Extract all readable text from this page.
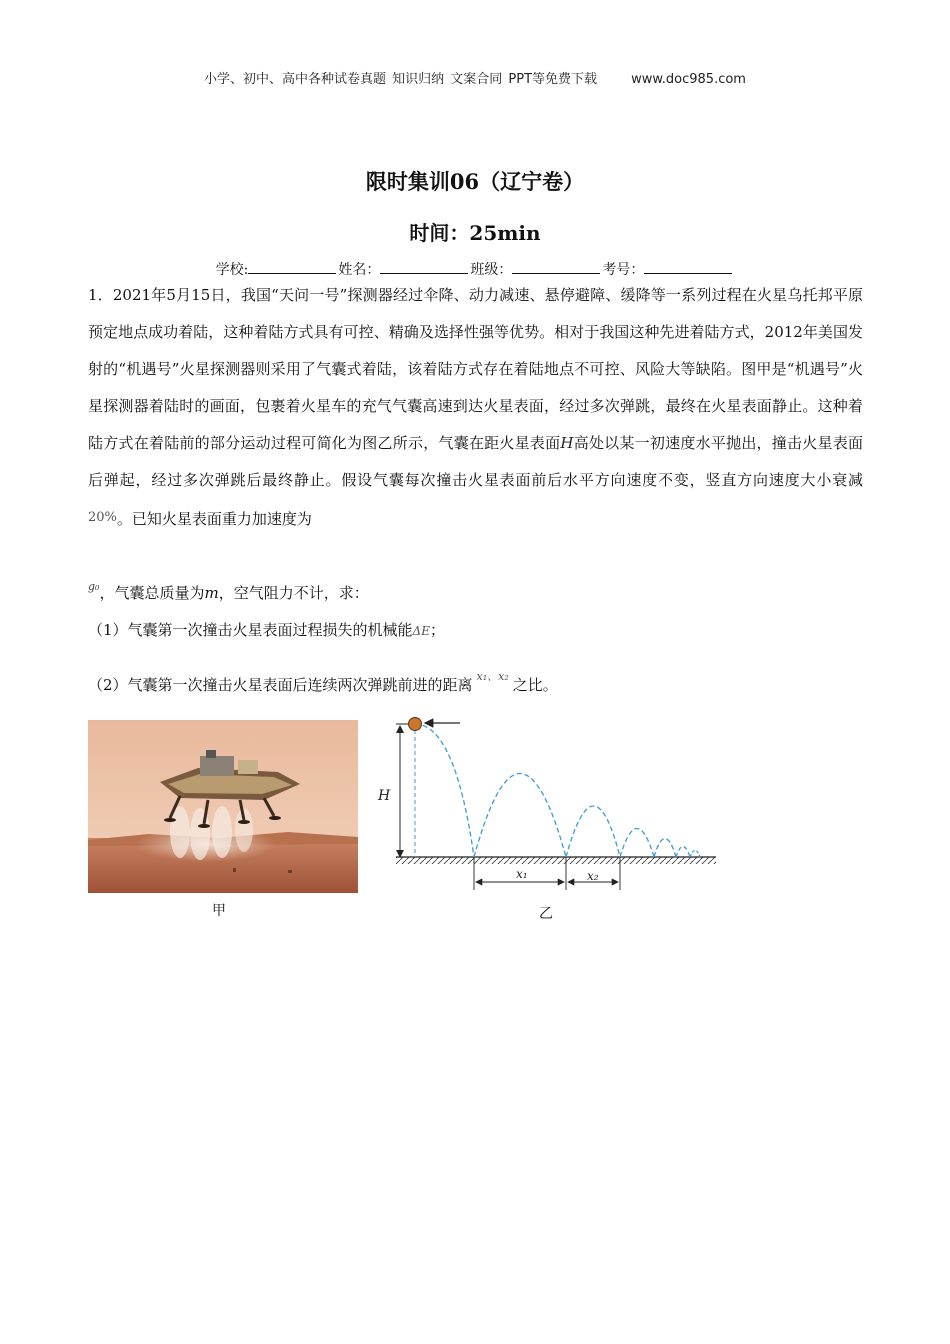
小学、初中、高中各种试卷真题 知识归纳 文案合同 PPT等免费下载	www.doc985.com
限时集训06（辽宁卷）
时间：25min
学校:	姓名：	班级：	考号：
1．2021年5月15日，我国“天问一号”探测器经过伞降、动力减速、悬停避障、缓降等一系列过程在火星乌托邦平原预定地点成功着陆，这种着陆方式具有可控、精确及选择性强等优势。相对于我国这种先进着陆方式，2012年美国发射的“机遇号”火星探测器则采用了气囊式着陆，该着陆方式存在着陆地点不可控、风险大等缺陷。图甲是“机遇号”火星探测器着陆时的画面，包裹着火星车的充气气囊高速到达火星表面，经过多次弹跳，最终在火星表面静止。这种着陆方式在着陆前的部分运动过程可简化为图乙所示，气囊在距火星表面H高处以某一初速度水平抛出，撞击火星表面后弹起，经过多次弹跳后最终静止。假设气囊每次撞击火星表面前后水平方向速度不变，竖直方向速度大小衰减20%。已知火星表面重力加速度为
$^{g_0}$，气囊总质量为m，空气阻力不计，求：
（1）气囊第一次撞击火星表面过程损失的机械能ΔE；
（2）气囊第一次撞击火星表面后连续两次弹跳前进的距离 $^{x_1、x_2}$ 之比。
甲
H
x₁	x₂
乙
